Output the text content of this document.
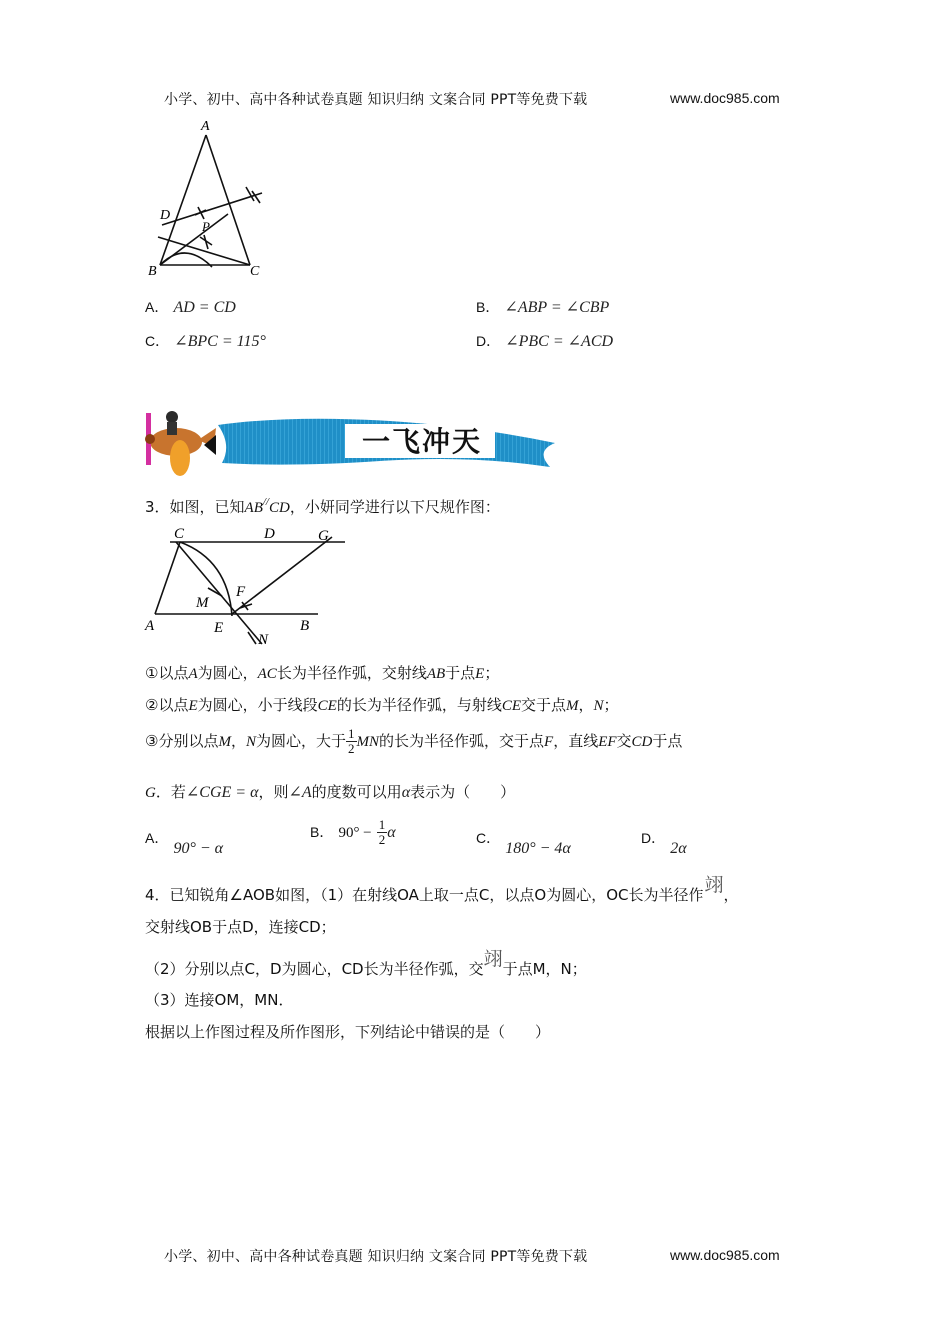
小学、初中、高中各种试卷真题 知识归纳 文案合同 PPT等免费下载	www.doc985.com
A
B	C
D
P
A． AD = CD	B． ∠ABP = ∠CBP
C． ∠BPC = 115°	D． ∠PBC = ∠ACD
一飞冲天
3．如图，已知AB//CD，小妍同学进行以下尺规作图：
C	D	G
M
F
A	E	B
N
①以点A为圆心，AC长为半径作弧，交射线AB于点E；
②以点E为圆心，小于线段CE的长为半径作弧，与射线CE交于点M，N；
③分别以点M，N为圆心，大于 $\frac{1}{2}$ MN的长为半径作弧，交于点F，直线EF交CD于点
G．若∠CGE = α，则∠A的度数可以用α表示为（　　）
A． 90° − α
B． $90^\circ - \frac{1}{2}$ α	C． 180° − 4α
D． 2α
4．已知锐角∠AOB如图，（1）在射线OA上取一点C，以点O为圆心，OC长为半径作翊，
交射线OB于点D，连接CD；
（2）分别以点C，D为圆心，CD长为半径作弧，交翊于点M，N；
（3）连接OM，MN．
根据以上作图过程及所作图形，下列结论中错误的是（　　）
小学、初中、高中各种试卷真题 知识归纳 文案合同 PPT等免费下载	www.doc985.com
